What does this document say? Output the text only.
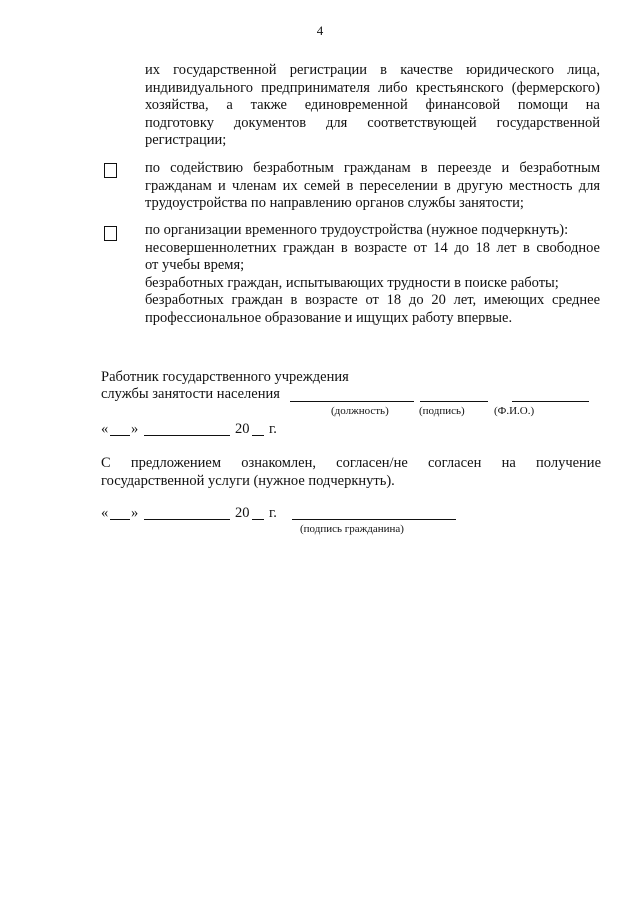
4
их государственной регистрации в качестве юридического лица,
индивидуального предпринимателя либо крестьянского (фермерского)
хозяйства, а также единовременной финансовой помощи на
подготовку документов для соответствующей государственной
регистрации;
по содействию безработным гражданам в переезде и безработным
гражданам и членам их семей в переселении в другую местность для
трудоустройства по направлению органов службы занятости;
по организации временного трудоустройства (нужное подчеркнуть):
несовершеннолетних граждан в возрасте от 14 до 18 лет в свободное
от учебы время;
безработных граждан, испытывающих трудности в поиске работы;
безработных граждан в возрасте от 18 до 20 лет, имеющих среднее
профессиональное образование и ищущих работу впервые.
Работник государственного учреждения
службы занятости населения
(должность)	(подпись)	(Ф.И.О.)
« »	20 г.
С предложением ознакомлен, согласен/не согласен на получение
государственной услуги (нужное подчеркнуть).
« »	20 г.
(подпись гражданина)
